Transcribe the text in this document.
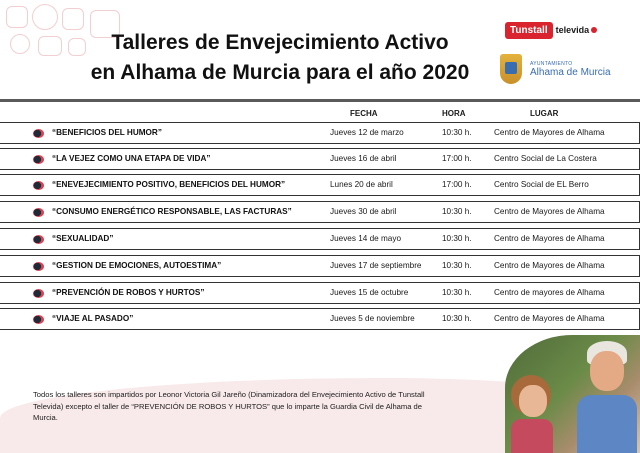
Talleres de Envejecimiento Activo
en Alhama de Murcia para el año 2020
Tunstall televida
AYUNTAMIENTO
Alhama de Murcia
FECHA	HORA	LUGAR
“BENEFICIOS DEL HUMOR”	Jueves 12 de marzo	10:30 h.	Centro de Mayores de Alhama
“LA VEJEZ COMO UNA ETAPA DE VIDA”	Jueves 16 de abril	17:00 h.	Centro Social de La Costera
“ENEVEJECIMIENTO POSITIVO, BENEFICIOS DEL HUMOR”	Lunes 20 de abril	17:00 h.	Centro Social de EL Berro
“CONSUMO ENERGÉTICO RESPONSABLE, LAS FACTURAS”	Jueves 30 de abril	10:30 h.	Centro de Mayores de Alhama
“SEXUALIDAD”	Jueves 14 de mayo	10:30 h.	Centro de Mayores de Alhama
“GESTION DE EMOCIONES, AUTOESTIMA”	Jueves 17 de septiembre	10:30 h.	Centro de Mayores de Alhama
“PREVENCIÓN DE ROBOS Y HURTOS”	Jueves 15 de octubre	10:30 h.	Centro de mayores de Alhama
“VIAJE AL PASADO”	Jueves 5 de noviembre	10:30 h.	Centro de Mayores de Alhama
Todos los talleres son impartidos por Leonor Victoria Gil Jareño (Dinamizadora del Envejecimiento Activo de Tunstall Televida) excepto el taller de “PREVENCIÓN DE ROBOS Y HURTOS” que lo imparte la Guardia Civil de Alhama de Murcia.
